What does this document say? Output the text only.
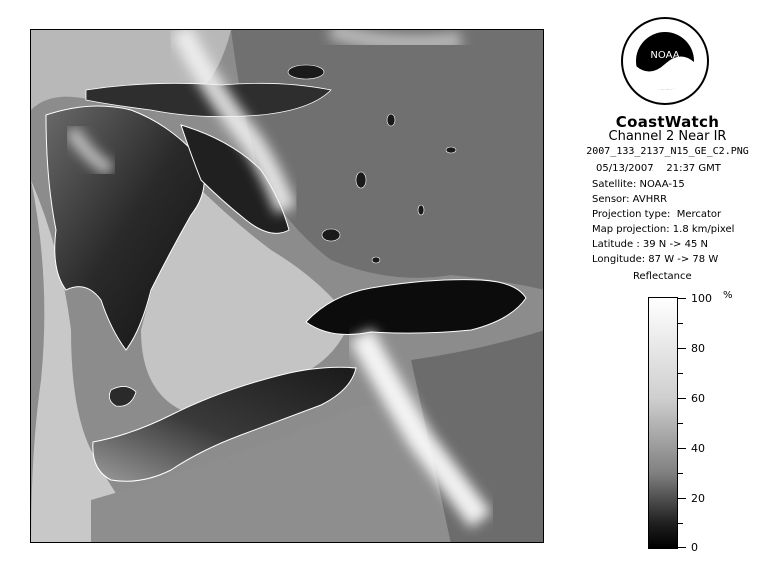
NOAA
CoastWatch
Channel 2 Near IR
2007_133_2137_N15_GE_C2.PNG
05/13/2007    21:37 GMT
Satellite: NOAA-15
Sensor: AVHRR
Projection type:  Mercator
Map projection: 1.8 km/pixel
Latitude : 39 N -> 45 N
Longitude: 87 W -> 78 W
Reflectance
%
100
80
60
40
20
0
